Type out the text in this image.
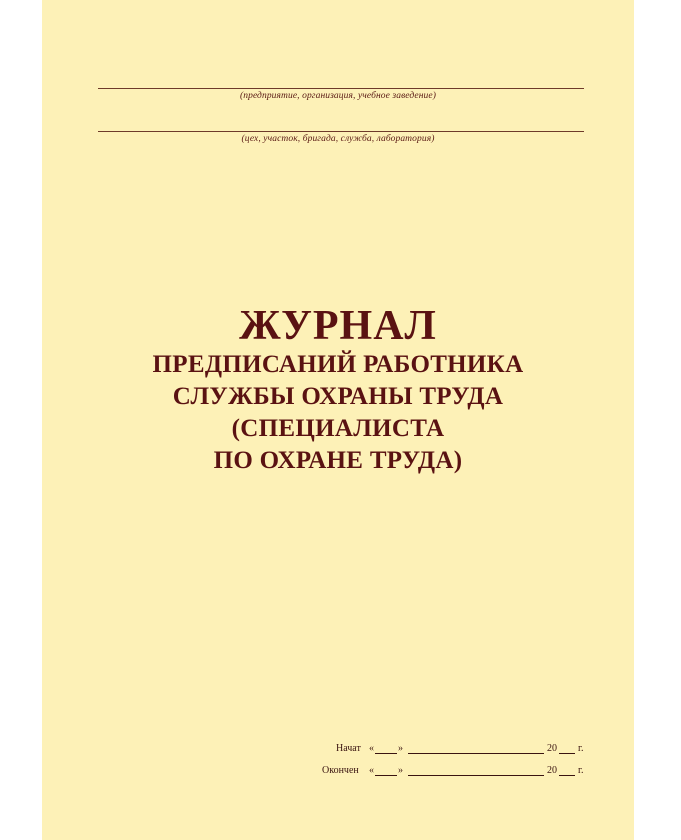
(предприятие, организация, учебное заведение)
(цех, участок, бригада, служба, лаборатория)
ЖУРНАЛ
ПРЕДПИСАНИЙ РАБОТНИКА
СЛУЖБЫ ОХРАНЫ ТРУДА
(СПЕЦИАЛИСТА
ПО ОХРАНЕ ТРУДА)
Начат « »	20 г.
Окончен « »	20 г.
